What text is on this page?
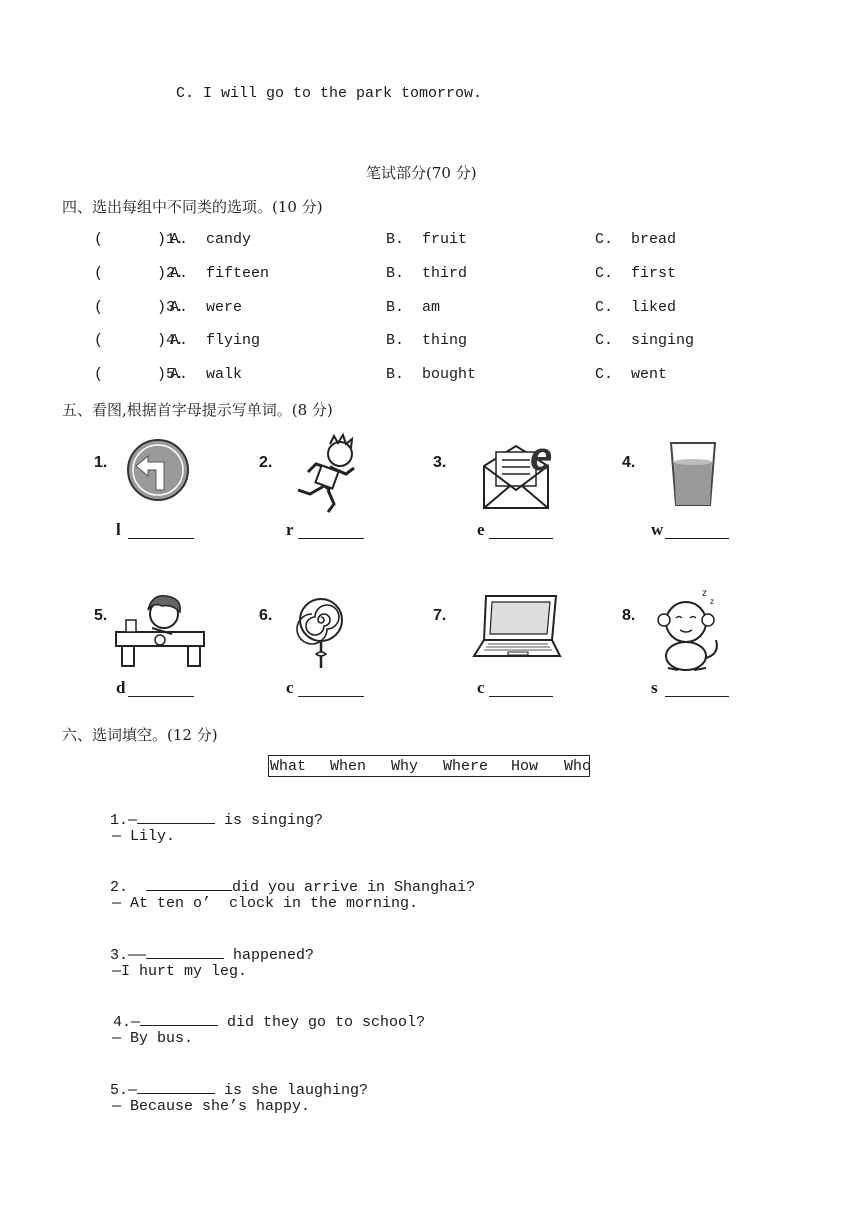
C. I will go to the park tomorrow.
笔试部分(70 分)
四、选出每组中不同类的选项。(10 分)
(      )1.
A.  candy	B.  fruit	C.  bread
(      )2.
A.  fifteen	B.  third	C.  first
(      )3.
A.  were	B.  am	C.  liked
(      )4.
A.  flying	B.  thing	C.  singing
(      )5.
A.  walk	B.  bought	C.  went
五、看图,根据首字母提示写单词。(8 分)
1.
l
2.
r
3. e
e
4.
w
5.
d
6.
c
7.
c
8.
z
z
s
六、选词填空。(12 分)
What When Why Where How Who

1.—	is singing?

— Lily.

2.	did you arrive in Shanghai?

— At ten o’  clock in the morning.

3.——	happened?

—I hurt my leg.

4.—	did they go to school?

— By bus.

5.—	is she laughing?

— Because she’s happy.
